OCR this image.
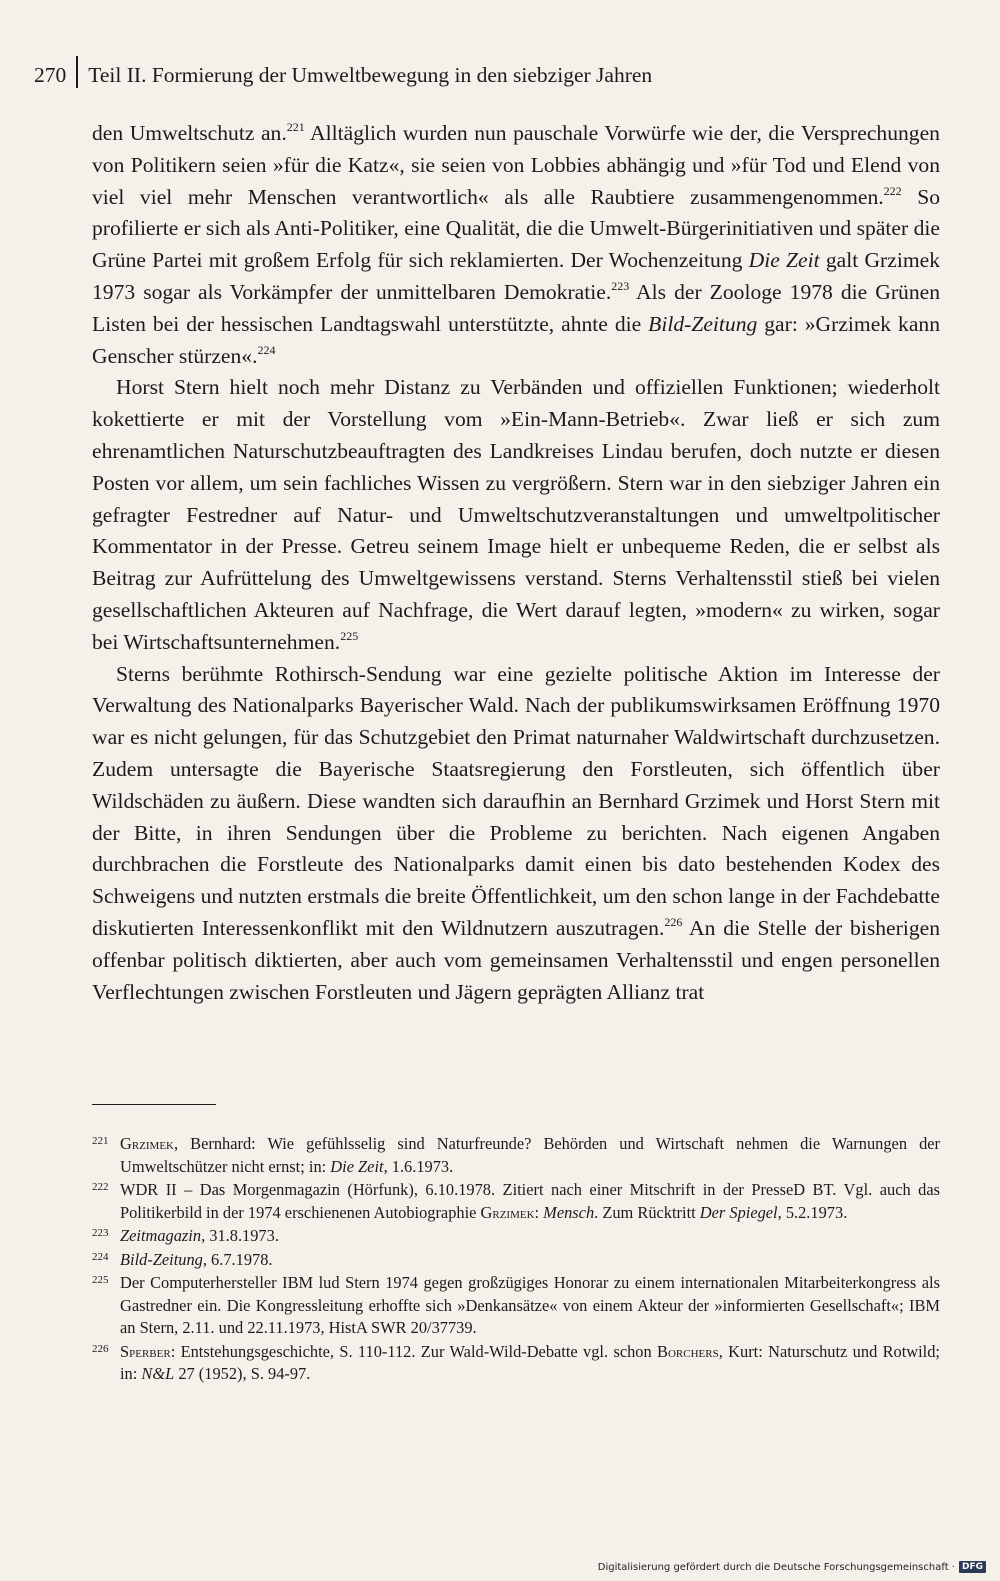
270 Teil II. Formierung der Umweltbewegung in den siebziger Jahren

den Umweltschutz an.$^{221}$ Alltäglich wurden nun pauschale Vorwürfe wie der, die Versprechungen von Politikern seien »für die Katz«, sie seien von Lobbies abhängig und »für Tod und Elend von viel viel mehr Menschen verantwortlich« als alle Raubtiere zusammengenommen.$^{222}$ So profilierte er sich als Anti-Politiker, eine Qualität, die die Umwelt-Bürgerinitiativen und später die Grüne Partei mit großem Erfolg für sich reklamierten. Der Wochenzeitung Die Zeit galt Grzimek 1973 sogar als Vorkämpfer der unmittelbaren Demokratie.$^{223}$ Als der Zoologe 1978 die Grünen Listen bei der hessischen Landtagswahl unterstützte, ahnte die Bild-Zeitung gar: »Grzimek kann Genscher stürzen«.$^{224}$

Horst Stern hielt noch mehr Distanz zu Verbänden und offiziellen Funktionen; wiederholt kokettierte er mit der Vorstellung vom »Ein-Mann-Betrieb«. Zwar ließ er sich zum ehrenamtlichen Naturschutzbeauftragten des Landkreises Lindau berufen, doch nutzte er diesen Posten vor allem, um sein fachliches Wissen zu vergrößern. Stern war in den siebziger Jahren ein gefragter Festredner auf Natur- und Umweltschutzveranstaltungen und umweltpolitischer Kommentator in der Presse. Getreu seinem Image hielt er unbequeme Reden, die er selbst als Beitrag zur Aufrüttelung des Umweltgewissens verstand. Sterns Verhaltensstil stieß bei vielen gesellschaftlichen Akteuren auf Nachfrage, die Wert darauf legten, »modern« zu wirken, sogar bei Wirtschaftsunternehmen.$^{225}$

Sterns berühmte Rothirsch-Sendung war eine gezielte politische Aktion im Interesse der Verwaltung des Nationalparks Bayerischer Wald. Nach der publikumswirksamen Eröffnung 1970 war es nicht gelungen, für das Schutzgebiet den Primat naturnaher Waldwirtschaft durchzusetzen. Zudem untersagte die Bayerische Staatsregierung den Forstleuten, sich öffentlich über Wildschäden zu äußern. Diese wandten sich daraufhin an Bernhard Grzimek und Horst Stern mit der Bitte, in ihren Sendungen über die Probleme zu berichten. Nach eigenen Angaben durchbrachen die Forstleute des Nationalparks damit einen bis dato bestehenden Kodex des Schweigens und nutzten erstmals die breite Öffentlichkeit, um den schon lange in der Fachdebatte diskutierten Interessenkonflikt mit den Wildnutzern auszutragen.$^{226}$ An die Stelle der bisherigen offenbar politisch diktierten, aber auch vom gemeinsamen Verhaltensstil und engen personellen Verflechtungen zwischen Forstleuten und Jägern geprägten Allianz trat

221 Grzimek, Bernhard: Wie gefühlsselig sind Naturfreunde? Behörden und Wirtschaft nehmen die Warnungen der Umweltschützer nicht ernst; in: Die Zeit, 1.6.1973.
222 WDR II – Das Morgenmagazin (Hörfunk), 6.10.1978. Zitiert nach einer Mitschrift in der PresseD BT. Vgl. auch das Politikerbild in der 1974 erschienenen Autobiographie Grzimek: Mensch. Zum Rücktritt Der Spiegel, 5.2.1973.
223 Zeitmagazin, 31.8.1973.
224 Bild-Zeitung, 6.7.1978.
225 Der Computerhersteller IBM lud Stern 1974 gegen großzügiges Honorar zu einem internationalen Mitarbeiterkongress als Gastredner ein. Die Kongressleitung erhoffte sich »Denkansätze« von einem Akteur der »informierten Gesellschaft«; IBM an Stern, 2.11. und 22.11.1973, HistA SWR 20/37739.
226 Sperber: Entstehungsgeschichte, S. 110-112. Zur Wald-Wild-Debatte vgl. schon Borchers, Kurt: Naturschutz und Rotwild; in: N&L 27 (1952), S. 94-97.
Digitalisierung gefördert durch die Deutsche Forschungsgemeinschaft · DFG
